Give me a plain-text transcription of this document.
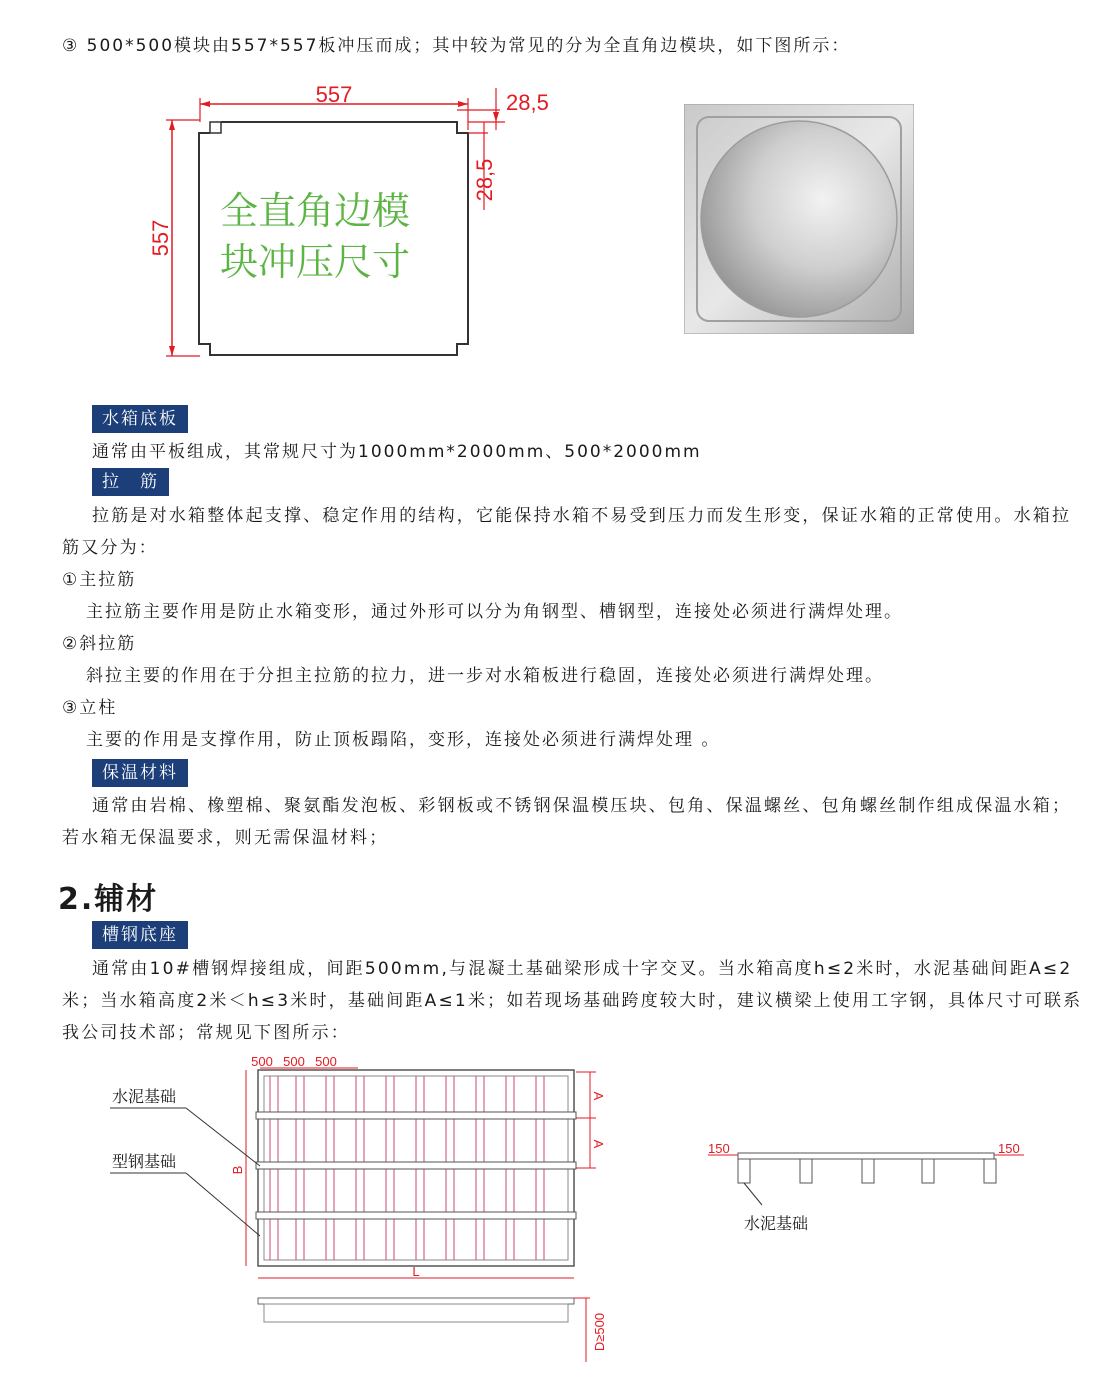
③ 500*500模块由557*557板冲压而成；其中较为常见的分为全直角边模块，如下图所示：
557
557
28,5
28,5
全直角边模
块冲压尺寸
水箱底板
通常由平板组成，其常规尺寸为1000mm*2000mm、500*2000mm
拉　筋
拉筋是对水箱整体起支撑、稳定作用的结构，它能保持水箱不易受到压力而发生形变，保证水箱的正常使用。水箱拉筋又分为：
①主拉筋
主拉筋主要作用是防止水箱变形，通过外形可以分为角钢型、槽钢型，连接处必须进行满焊处理。
②斜拉筋
斜拉主要的作用在于分担主拉筋的拉力，进一步对水箱板进行稳固，连接处必须进行满焊处理。
③立柱
主要的作用是支撑作用，防止顶板蹋陷，变形，连接处必须进行满焊处理 。
保温材料
通常由岩棉、橡塑棉、聚氨酯发泡板、彩钢板或不锈钢保温模压块、包角、保温螺丝、包角螺丝制作组成保温水箱；若水箱无保温要求，则无需保温材料；
2.辅材
槽钢底座
通常由10#槽钢焊接组成，间距500mm,与混凝土基础梁形成十字交叉。当水箱高度h≤2米时，水泥基础间距A≤2米；当水箱高度2米＜h≤3米时，基础间距A≤1米；如若现场基础跨度较大时，建议横梁上使用工字钢，具体尺寸可联系我公司技术部；常规见下图所示：
500 500 500
A
A
B
L
D≥500
水泥基础
型钢基础
150	150
水泥基础
